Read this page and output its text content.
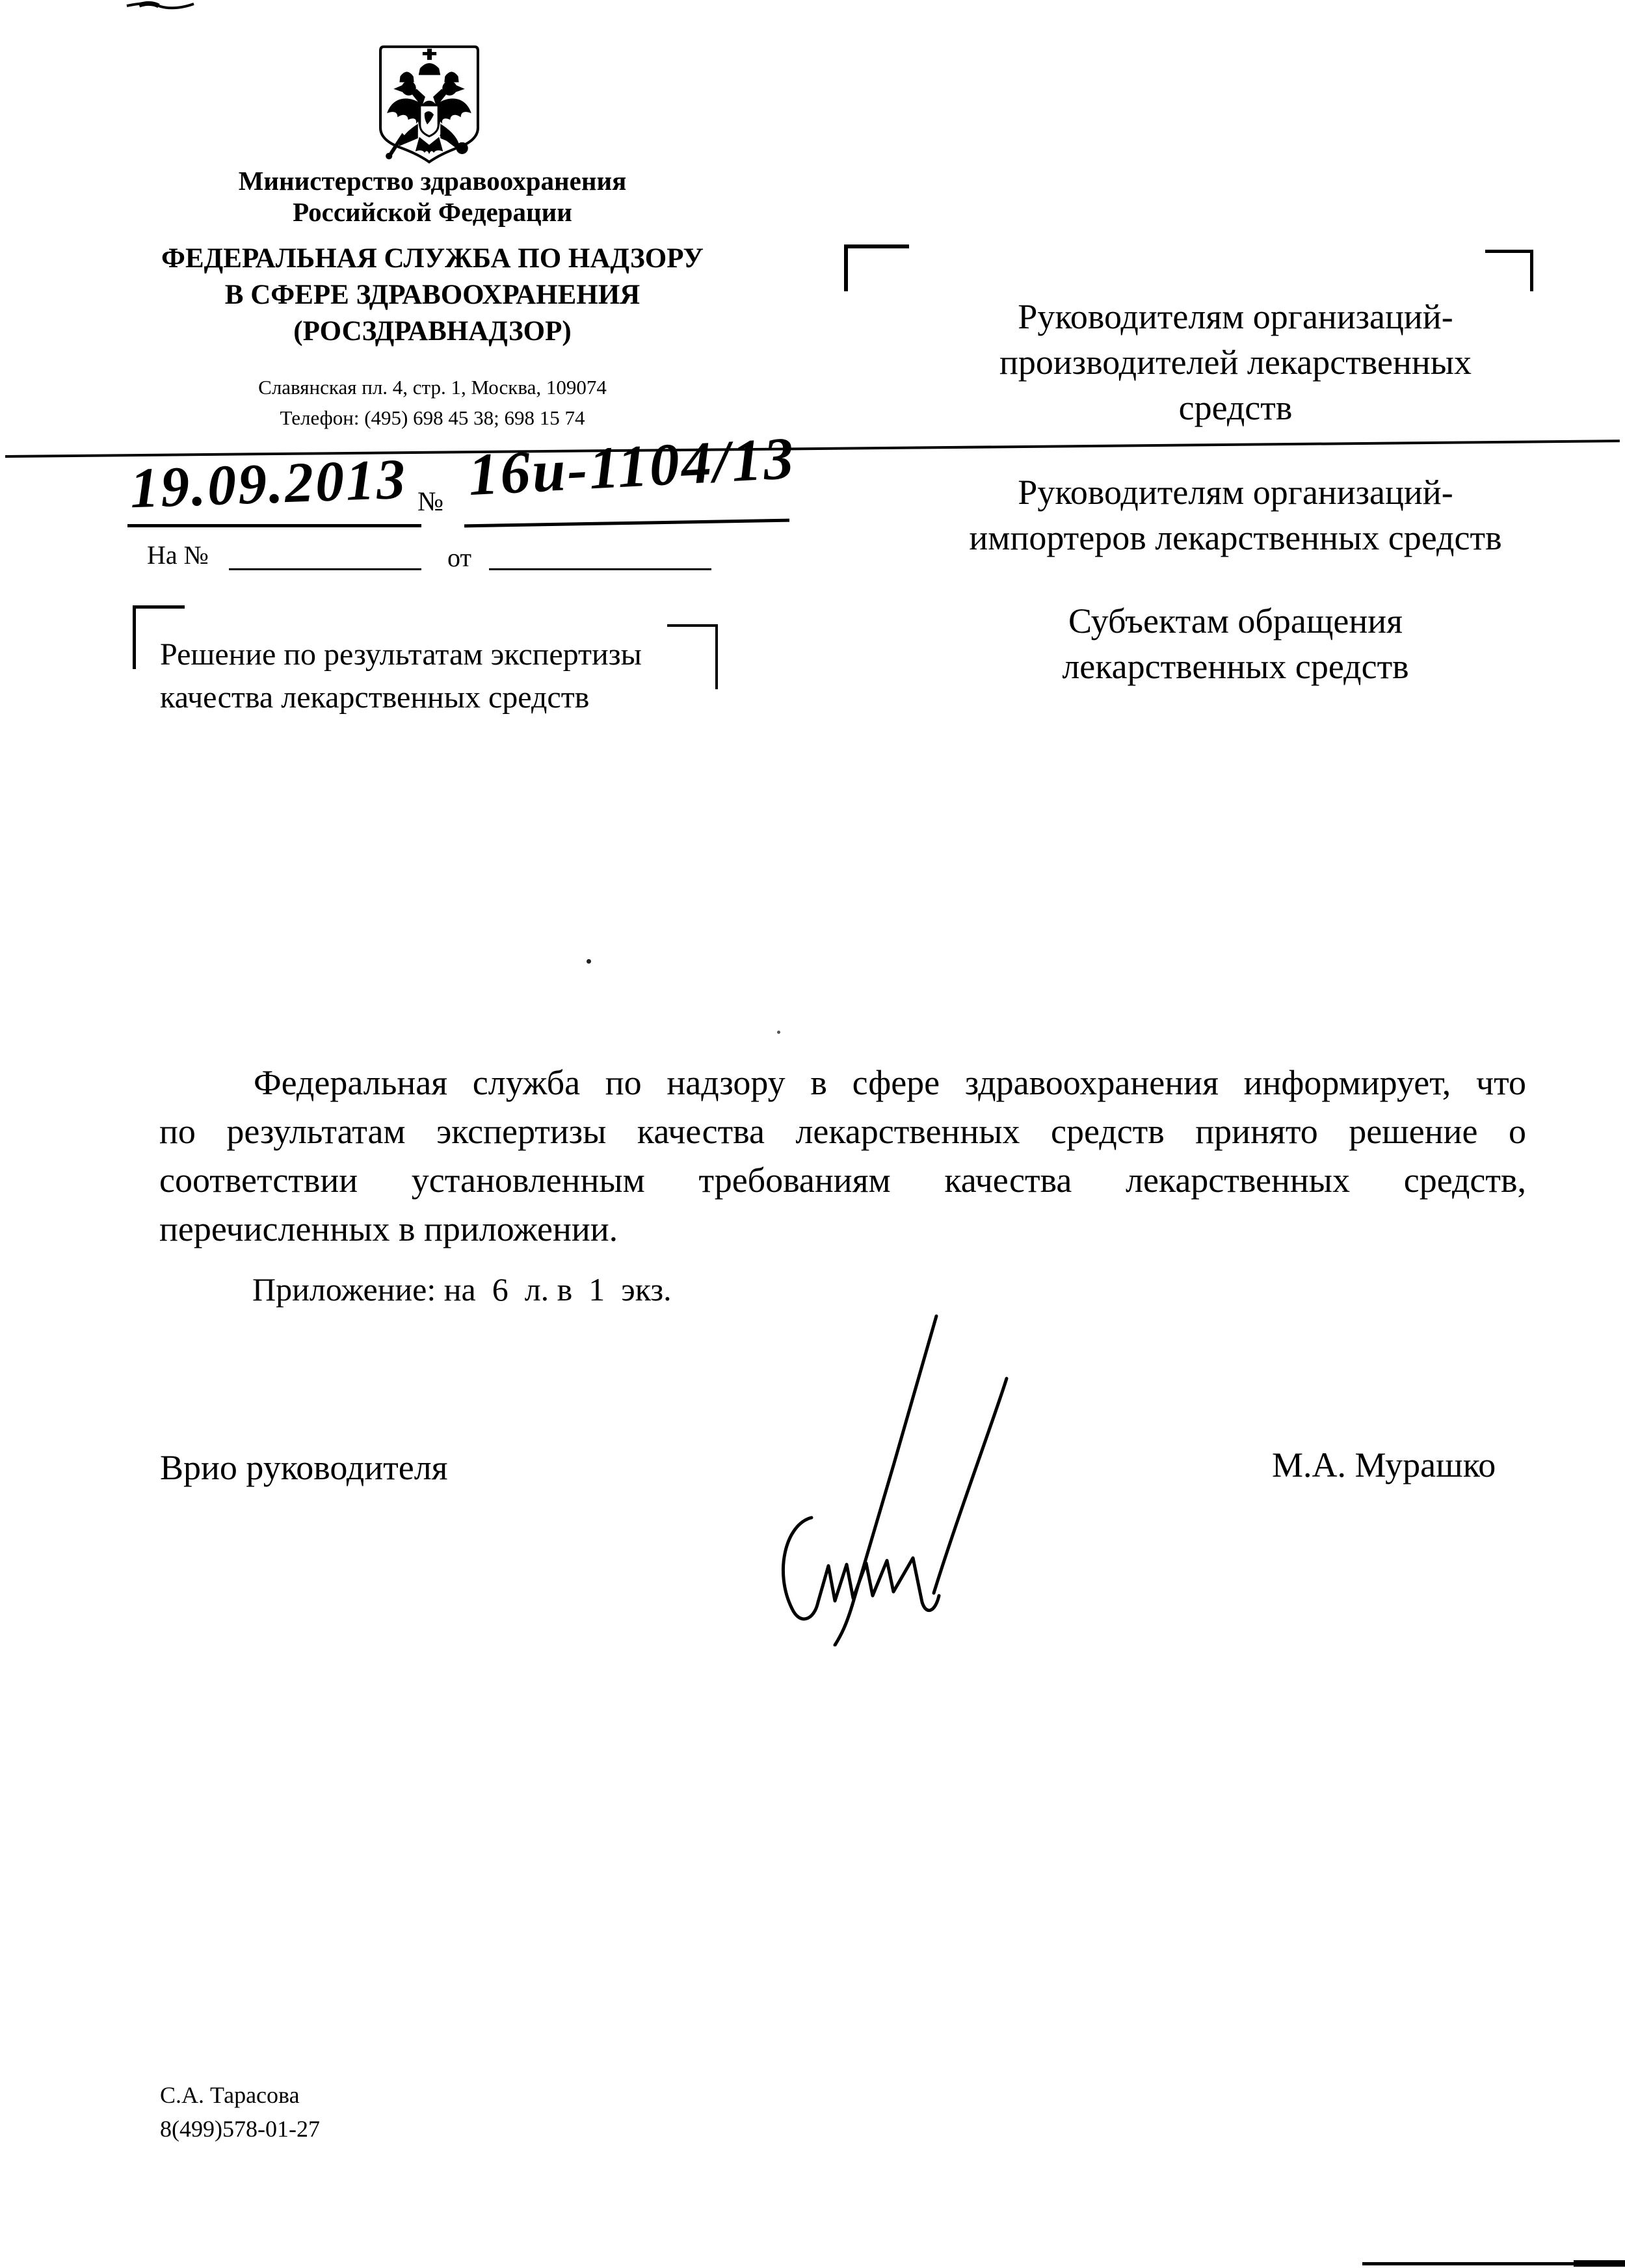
Министерство здравоохранения
Российской Федерации
ФЕДЕРАЛЬНАЯ СЛУЖБА ПО НАДЗОРУ
В СФЕРЕ ЗДРАВООХРАНЕНИЯ
(РОСЗДРАВНАДЗОР)
Славянская пл. 4, стр. 1, Москва, 109074
Телефон: (495) 698 45 38; 698 15 74
19.09.2013 № 16и-1104/13
На №	от
Решение по результатам экспертизы
качества лекарственных средств
Руководителям организаций-
производителей лекарственных
средств
Руководителям организаций-
импортеров лекарственных средств
Субъектам обращения
лекарственных средств
Федеральная служба по надзору в сфере здравоохранения информирует, что
по результатам экспертизы качества лекарственных средств принято решение о
соответствии установленным требованиям качества лекарственных средств,
перечисленных в приложении.
Приложение: на  6  л. в  1  экз.
Врио руководителя	М.А. Мурашко
С.А. Тарасова
8(499)578-01-27
